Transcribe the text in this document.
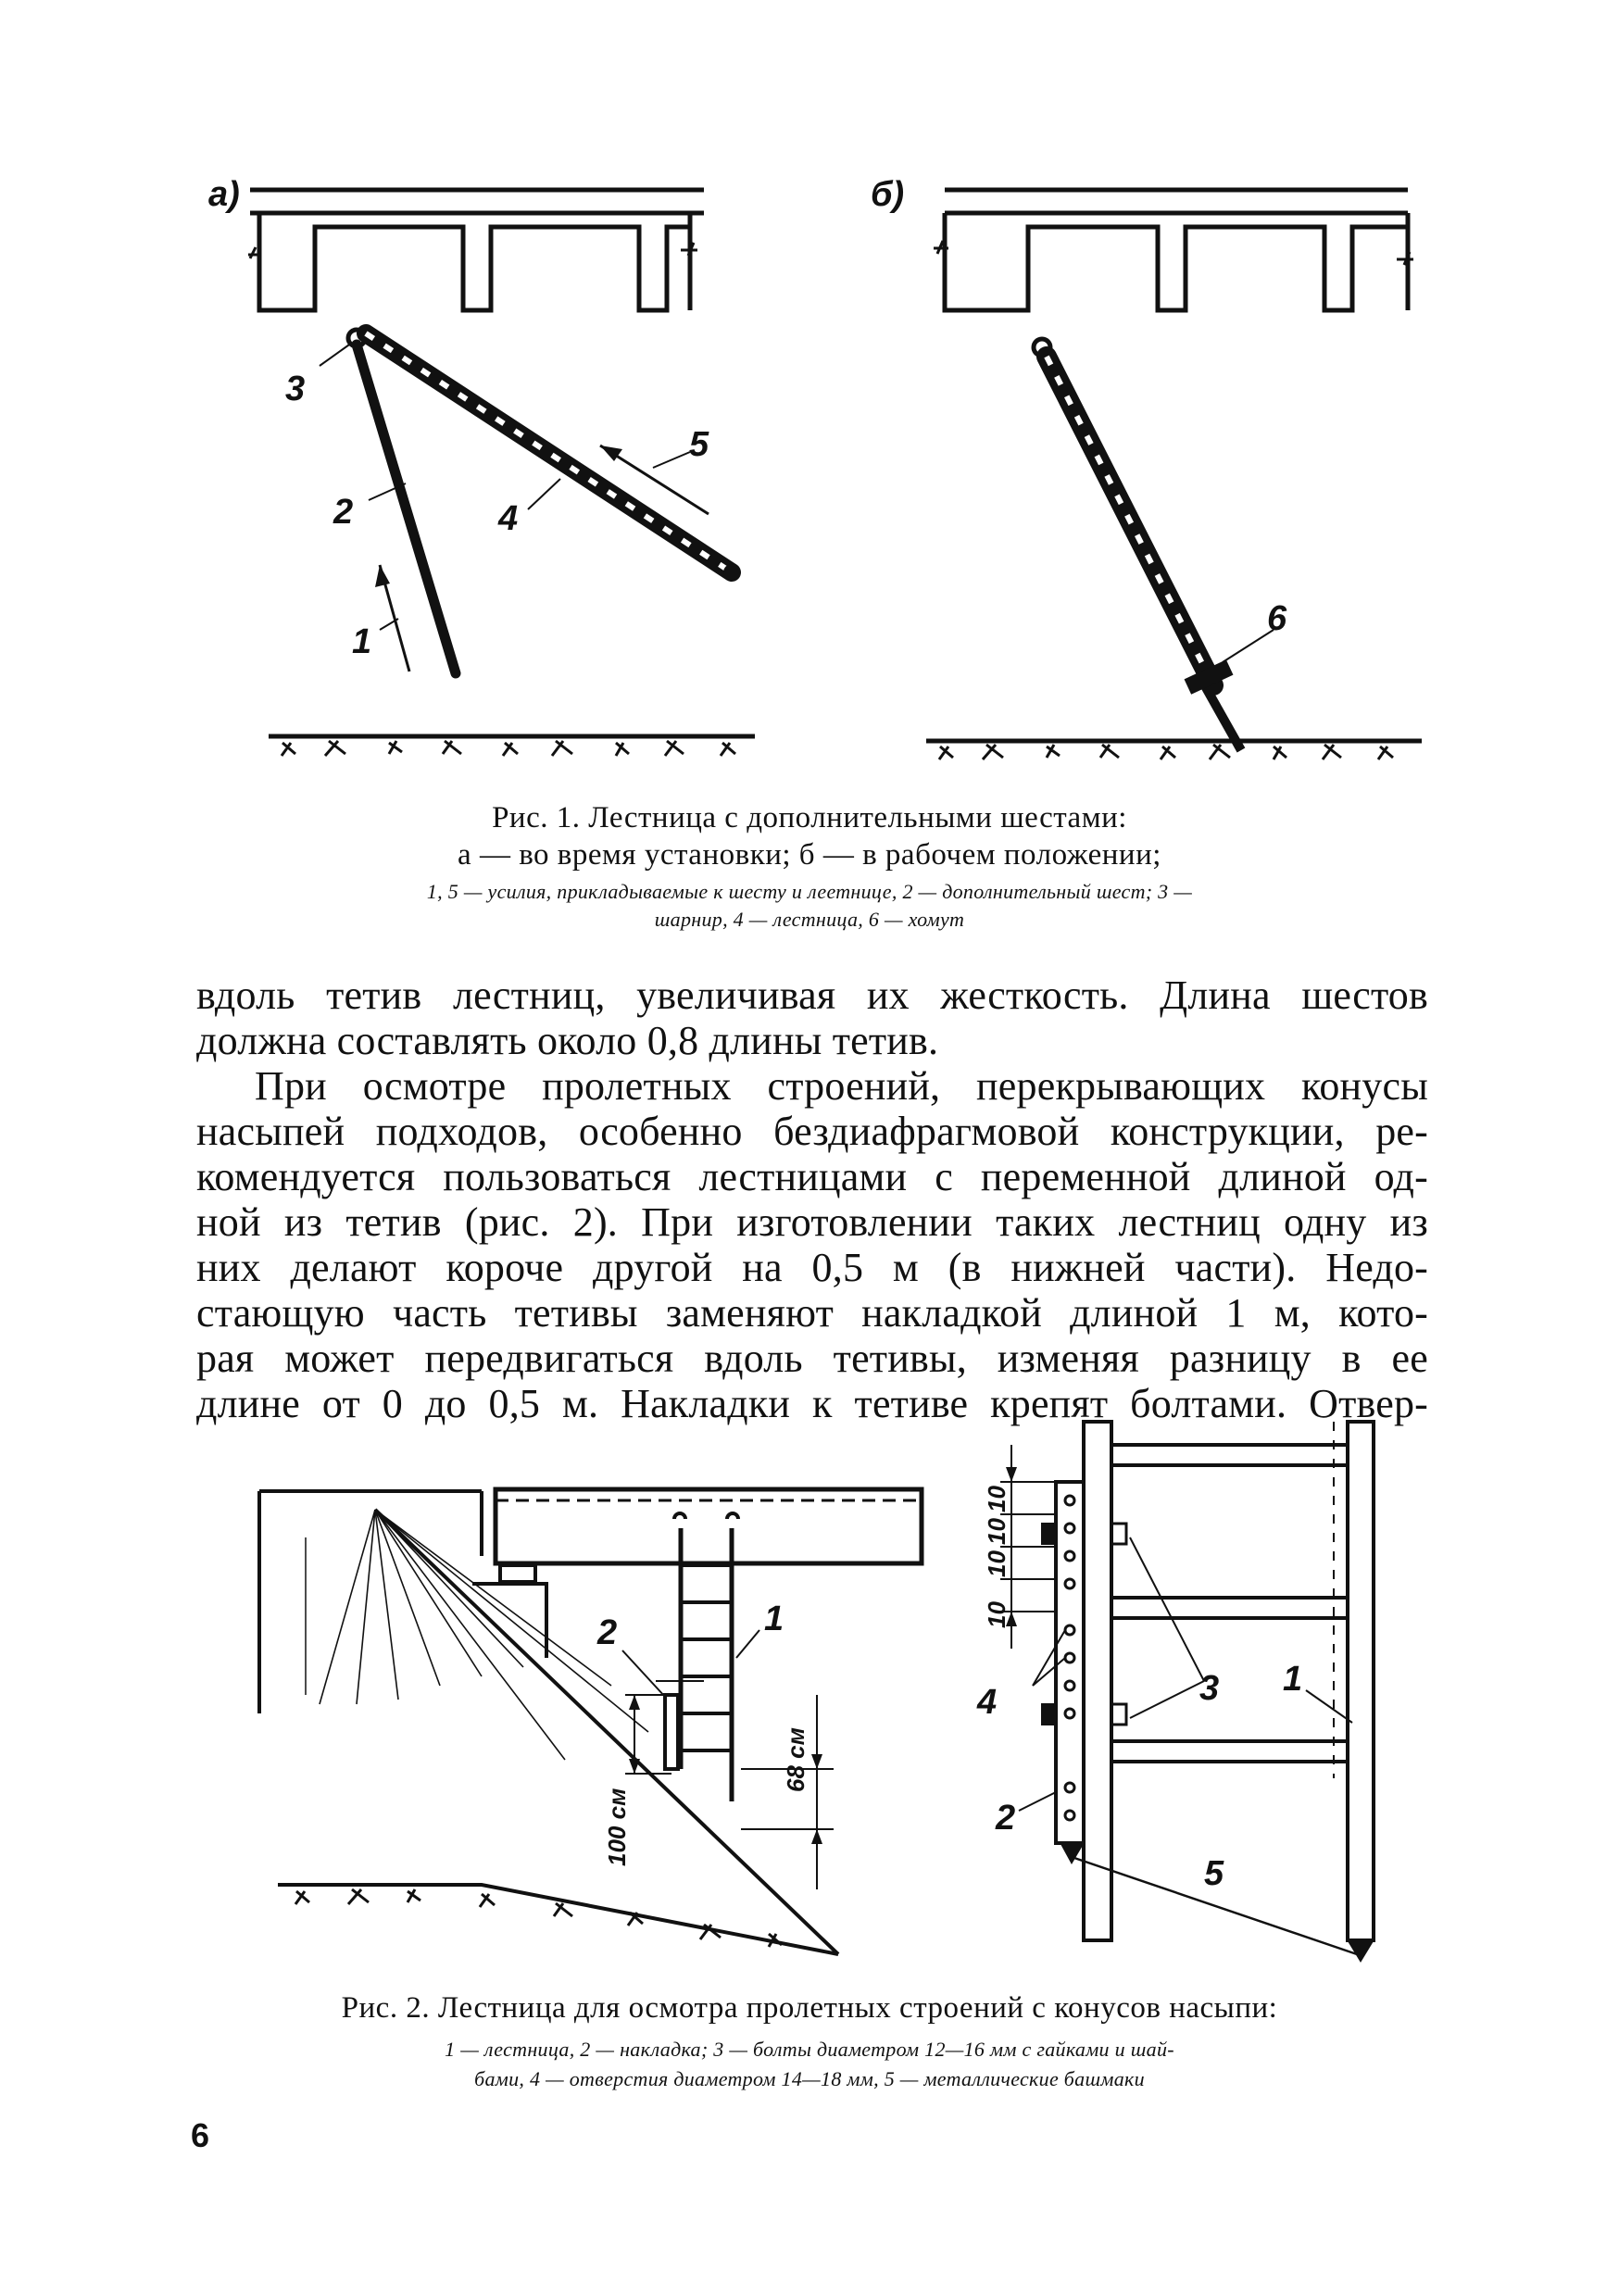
а)
3
2	4
1
5
б)
6
Рис. 1. Лестница с дополнительными шестами:
а — во время установки; б — в рабочем положении;
1, 5 — усилия, прикладываемые к шесту и леетнице, 2 — дополнительный шест; 3 —
шарнир, 4 — лестница, 6 — хомут
вдоль тетив лестниц, увеличивая их жесткость. Длина шестов
должна составлять около 0,8 длины тетив.
При осмотре пролетных строений, перекрывающих конусы
насыпей подходов, особенно бездиафрагмовой конструкции, ре-
комендуется пользоваться лестницами с переменной длиной од-
ной из тетив (рис. 2). При изготовлении таких лестниц одну из
них делают короче другой на 0,5 м (в нижней части). Недо-
стающую часть тетивы заменяют накладкой длиной 1 м, кото-
рая может передвигаться вдоль тетивы, изменяя разницу в ее
длине от 0 до 0,5 м. Накладки к тетиве крепят болтами. Отвер-
2	1
68 см
100 см
10
10
10
10
4	3 1
2
5
Рис. 2. Лестница для осмотра пролетных строений с конусов насыпи:
1 — лестница, 2 — накладка; 3 — болты диаметром 12—16 мм с гайками и шай-
бами, 4 — отверстия диаметром 14—18 мм, 5 — металлические башмаки
6
